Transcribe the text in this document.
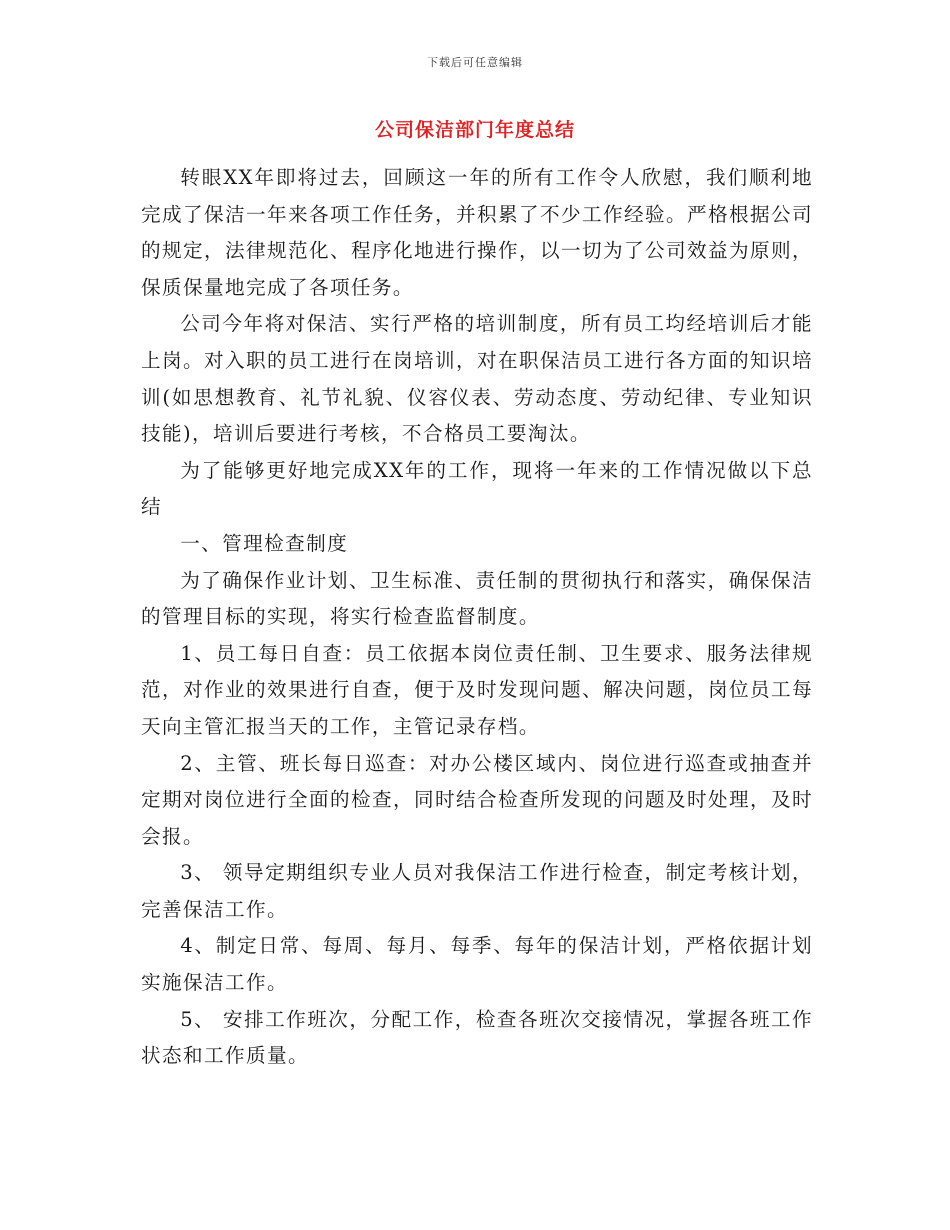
下载后可任意编辑
公司保洁部门年度总结

转眼XX年即将过去，回顾这一年的所有工作令人欣慰，我们顺利地完成了保洁一年来各项工作任务，并积累了不少工作经验。严格根据公司的规定，法律规范化、程序化地进行操作，以一切为了公司效益为原则，保质保量地完成了各项任务。

公司今年将对保洁、实行严格的培训制度，所有员工均经培训后才能上岗。对入职的员工进行在岗培训，对在职保洁员工进行各方面的知识培训(如思想教育、礼节礼貌、仪容仪表、劳动态度、劳动纪律、专业知识技能)，培训后要进行考核，不合格员工要淘汰。

为了能够更好地完成XX年的工作，现将一年来的工作情况做以下总结

一、管理检查制度

为了确保作业计划、卫生标准、责任制的贯彻执行和落实，确保保洁的管理目标的实现，将实行检查监督制度。

1、员工每日自查：员工依据本岗位责任制、卫生要求、服务法律规范，对作业的效果进行自查，便于及时发现问题、解决问题，岗位员工每天向主管汇报当天的工作，主管记录存档。

2、主管、班长每日巡查：对办公楼区域内、岗位进行巡查或抽查并定期对岗位进行全面的检查，同时结合检查所发现的问题及时处理，及时会报。

3、 领导定期组织专业人员对我保洁工作进行检查，制定考核计划，完善保洁工作。

4、制定日常、每周、每月、每季、每年的保洁计划，严格依据计划实施保洁工作。

5、 安排工作班次，分配工作，检查各班次交接情况，掌握各班工作状态和工作质量。
